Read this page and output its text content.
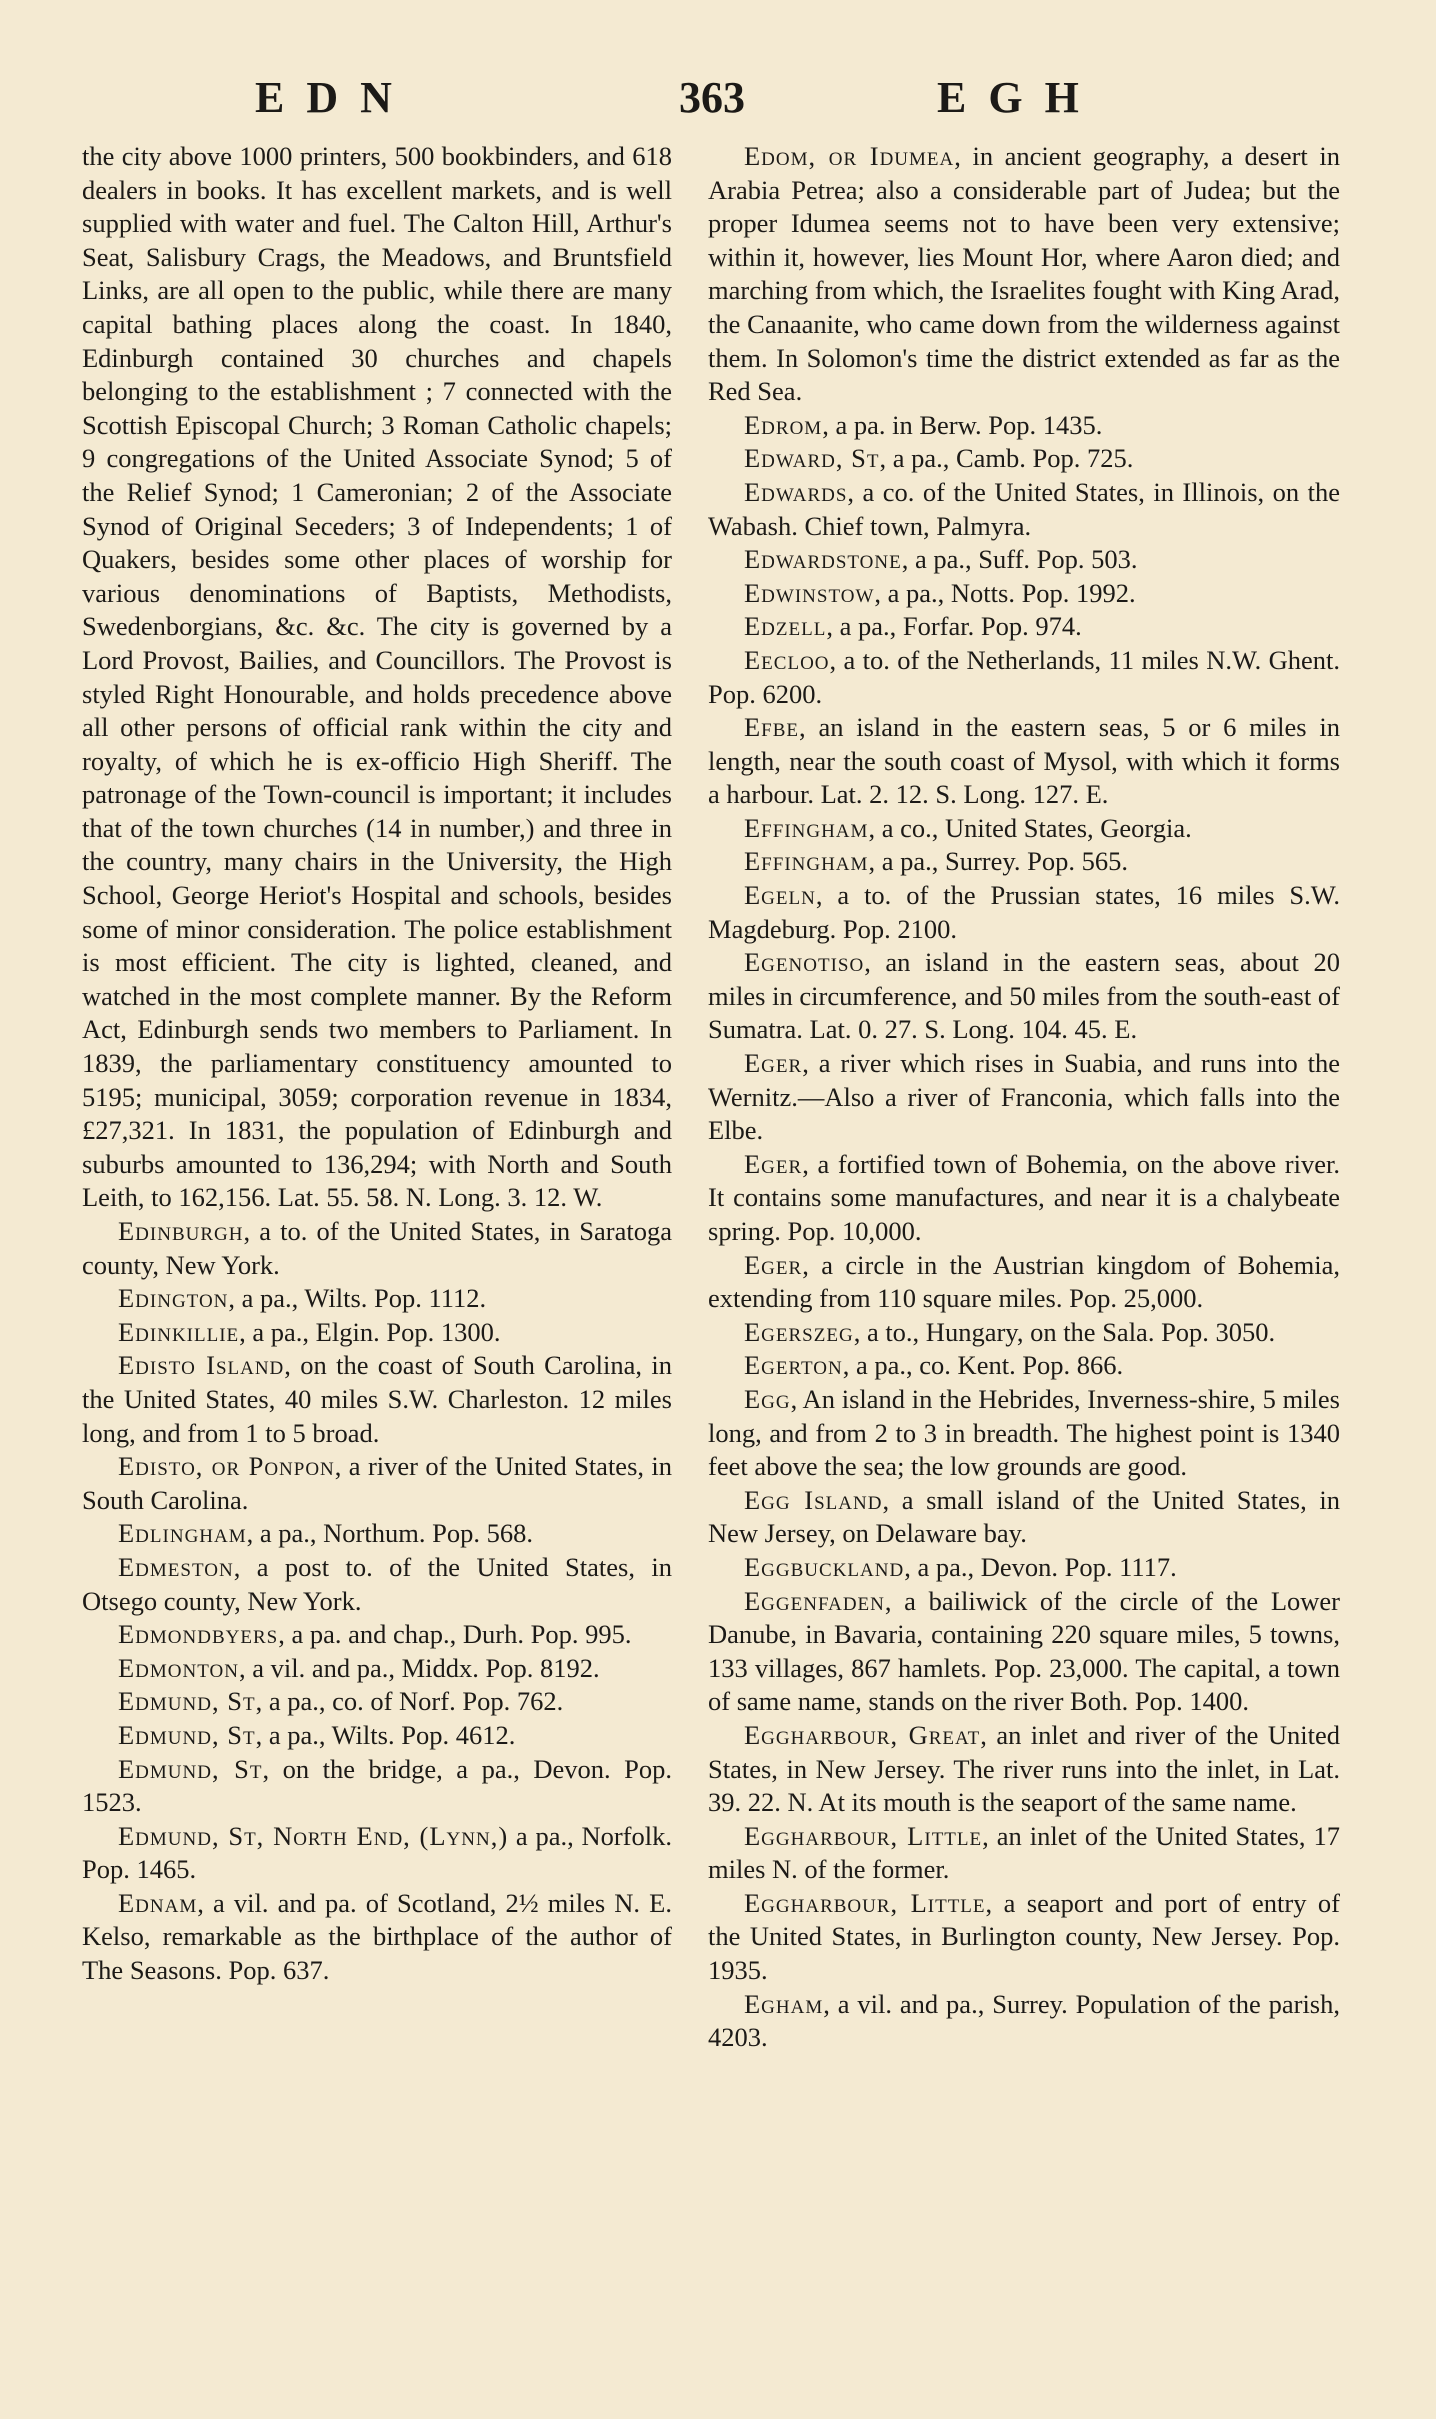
EDN	363	EGH

the city above 1000 printers, 500 bookbinders, and 618 dealers in books. It has excellent markets, and is well supplied with water and fuel. The Calton Hill, Arthur's Seat, Salisbury Crags, the Meadows, and Bruntsfield Links, are all open to the public, while there are many capital bathing places along the coast. In 1840, Edinburgh contained 30 churches and chapels belonging to the establishment ; 7 connected with the Scottish Episcopal Church; 3 Roman Catholic chapels; 9 congregations of the United Associate Synod; 5 of the Relief Synod; 1 Cameronian; 2 of the Associate Synod of Original Seceders; 3 of Independents; 1 of Quakers, besides some other places of worship for various denominations of Baptists, Methodists, Swedenborgians, &c. &c. The city is governed by a Lord Provost, Bailies, and Councillors. The Provost is styled Right Honourable, and holds precedence above all other persons of official rank within the city and royalty, of which he is ex-officio High Sheriff. The patronage of the Town-council is important; it includes that of the town churches (14 in number,) and three in the country, many chairs in the University, the High School, George Heriot's Hospital and schools, besides some of minor consideration. The police establishment is most efficient. The city is lighted, cleaned, and watched in the most complete manner. By the Reform Act, Edinburgh sends two members to Parliament. In 1839, the parliamentary constituency amounted to 5195; municipal, 3059; corporation revenue in 1834, £27,321. In 1831, the population of Edinburgh and suburbs amounted to 136,294; with North and South Leith, to 162,156. Lat. 55. 58. N. Long. 3. 12. W.

Edinburgh, a to. of the United States, in Saratoga county, New York.

Edington, a pa., Wilts. Pop. 1112.

Edinkillie, a pa., Elgin. Pop. 1300.

Edisto Island, on the coast of South Carolina, in the United States, 40 miles S.W. Charleston. 12 miles long, and from 1 to 5 broad.

Edisto, or Ponpon, a river of the United States, in South Carolina.

Edlingham, a pa., Northum. Pop. 568.

Edmeston, a post to. of the United States, in Otsego county, New York.

Edmondbyers, a pa. and chap., Durh. Pop. 995.

Edmonton, a vil. and pa., Middx. Pop. 8192.

Edmund, St, a pa., co. of Norf. Pop. 762.

Edmund, St, a pa., Wilts. Pop. 4612.

Edmund, St, on the bridge, a pa., Devon. Pop. 1523.

Edmund, St, North End, (Lynn,) a pa., Norfolk. Pop. 1465.

Ednam, a vil. and pa. of Scotland, 2½ miles N. E. Kelso, remarkable as the birthplace of the author of The Seasons. Pop. 637.

Edom, or Idumea, in ancient geography, a desert in Arabia Petrea; also a considerable part of Judea; but the proper Idumea seems not to have been very extensive; within it, however, lies Mount Hor, where Aaron died; and marching from which, the Israelites fought with King Arad, the Canaanite, who came down from the wilderness against them. In Solomon's time the district extended as far as the Red Sea.

Edrom, a pa. in Berw. Pop. 1435.

Edward, St, a pa., Camb. Pop. 725.

Edwards, a co. of the United States, in Illinois, on the Wabash. Chief town, Palmyra.

Edwardstone, a pa., Suff. Pop. 503.

Edwinstow, a pa., Notts. Pop. 1992.

Edzell, a pa., Forfar. Pop. 974.

Eecloo, a to. of the Netherlands, 11 miles N.W. Ghent. Pop. 6200.

Efbe, an island in the eastern seas, 5 or 6 miles in length, near the south coast of Mysol, with which it forms a harbour. Lat. 2. 12. S. Long. 127. E.

Effingham, a co., United States, Georgia.

Effingham, a pa., Surrey. Pop. 565.

Egeln, a to. of the Prussian states, 16 miles S.W. Magdeburg. Pop. 2100.

Egenotiso, an island in the eastern seas, about 20 miles in circumference, and 50 miles from the south-east of Sumatra. Lat. 0. 27. S. Long. 104. 45. E.

Eger, a river which rises in Suabia, and runs into the Wernitz.—Also a river of Franconia, which falls into the Elbe.

Eger, a fortified town of Bohemia, on the above river. It contains some manufactures, and near it is a chalybeate spring. Pop. 10,000.

Eger, a circle in the Austrian kingdom of Bohemia, extending from 110 square miles. Pop. 25,000.

Egerszeg, a to., Hungary, on the Sala. Pop. 3050.

Egerton, a pa., co. Kent. Pop. 866.

Egg, An island in the Hebrides, Inverness-shire, 5 miles long, and from 2 to 3 in breadth. The highest point is 1340 feet above the sea; the low grounds are good.

Egg Island, a small island of the United States, in New Jersey, on Delaware bay.

Eggbuckland, a pa., Devon. Pop. 1117.

Eggenfaden, a bailiwick of the circle of the Lower Danube, in Bavaria, containing 220 square miles, 5 towns, 133 villages, 867 hamlets. Pop. 23,000. The capital, a town of same name, stands on the river Both. Pop. 1400.

Eggharbour, Great, an inlet and river of the United States, in New Jersey. The river runs into the inlet, in Lat. 39. 22. N. At its mouth is the seaport of the same name.

Eggharbour, Little, an inlet of the United States, 17 miles N. of the former.

Eggharbour, Little, a seaport and port of entry of the United States, in Burlington county, New Jersey. Pop. 1935.

Egham, a vil. and pa., Surrey. Population of the parish, 4203.
